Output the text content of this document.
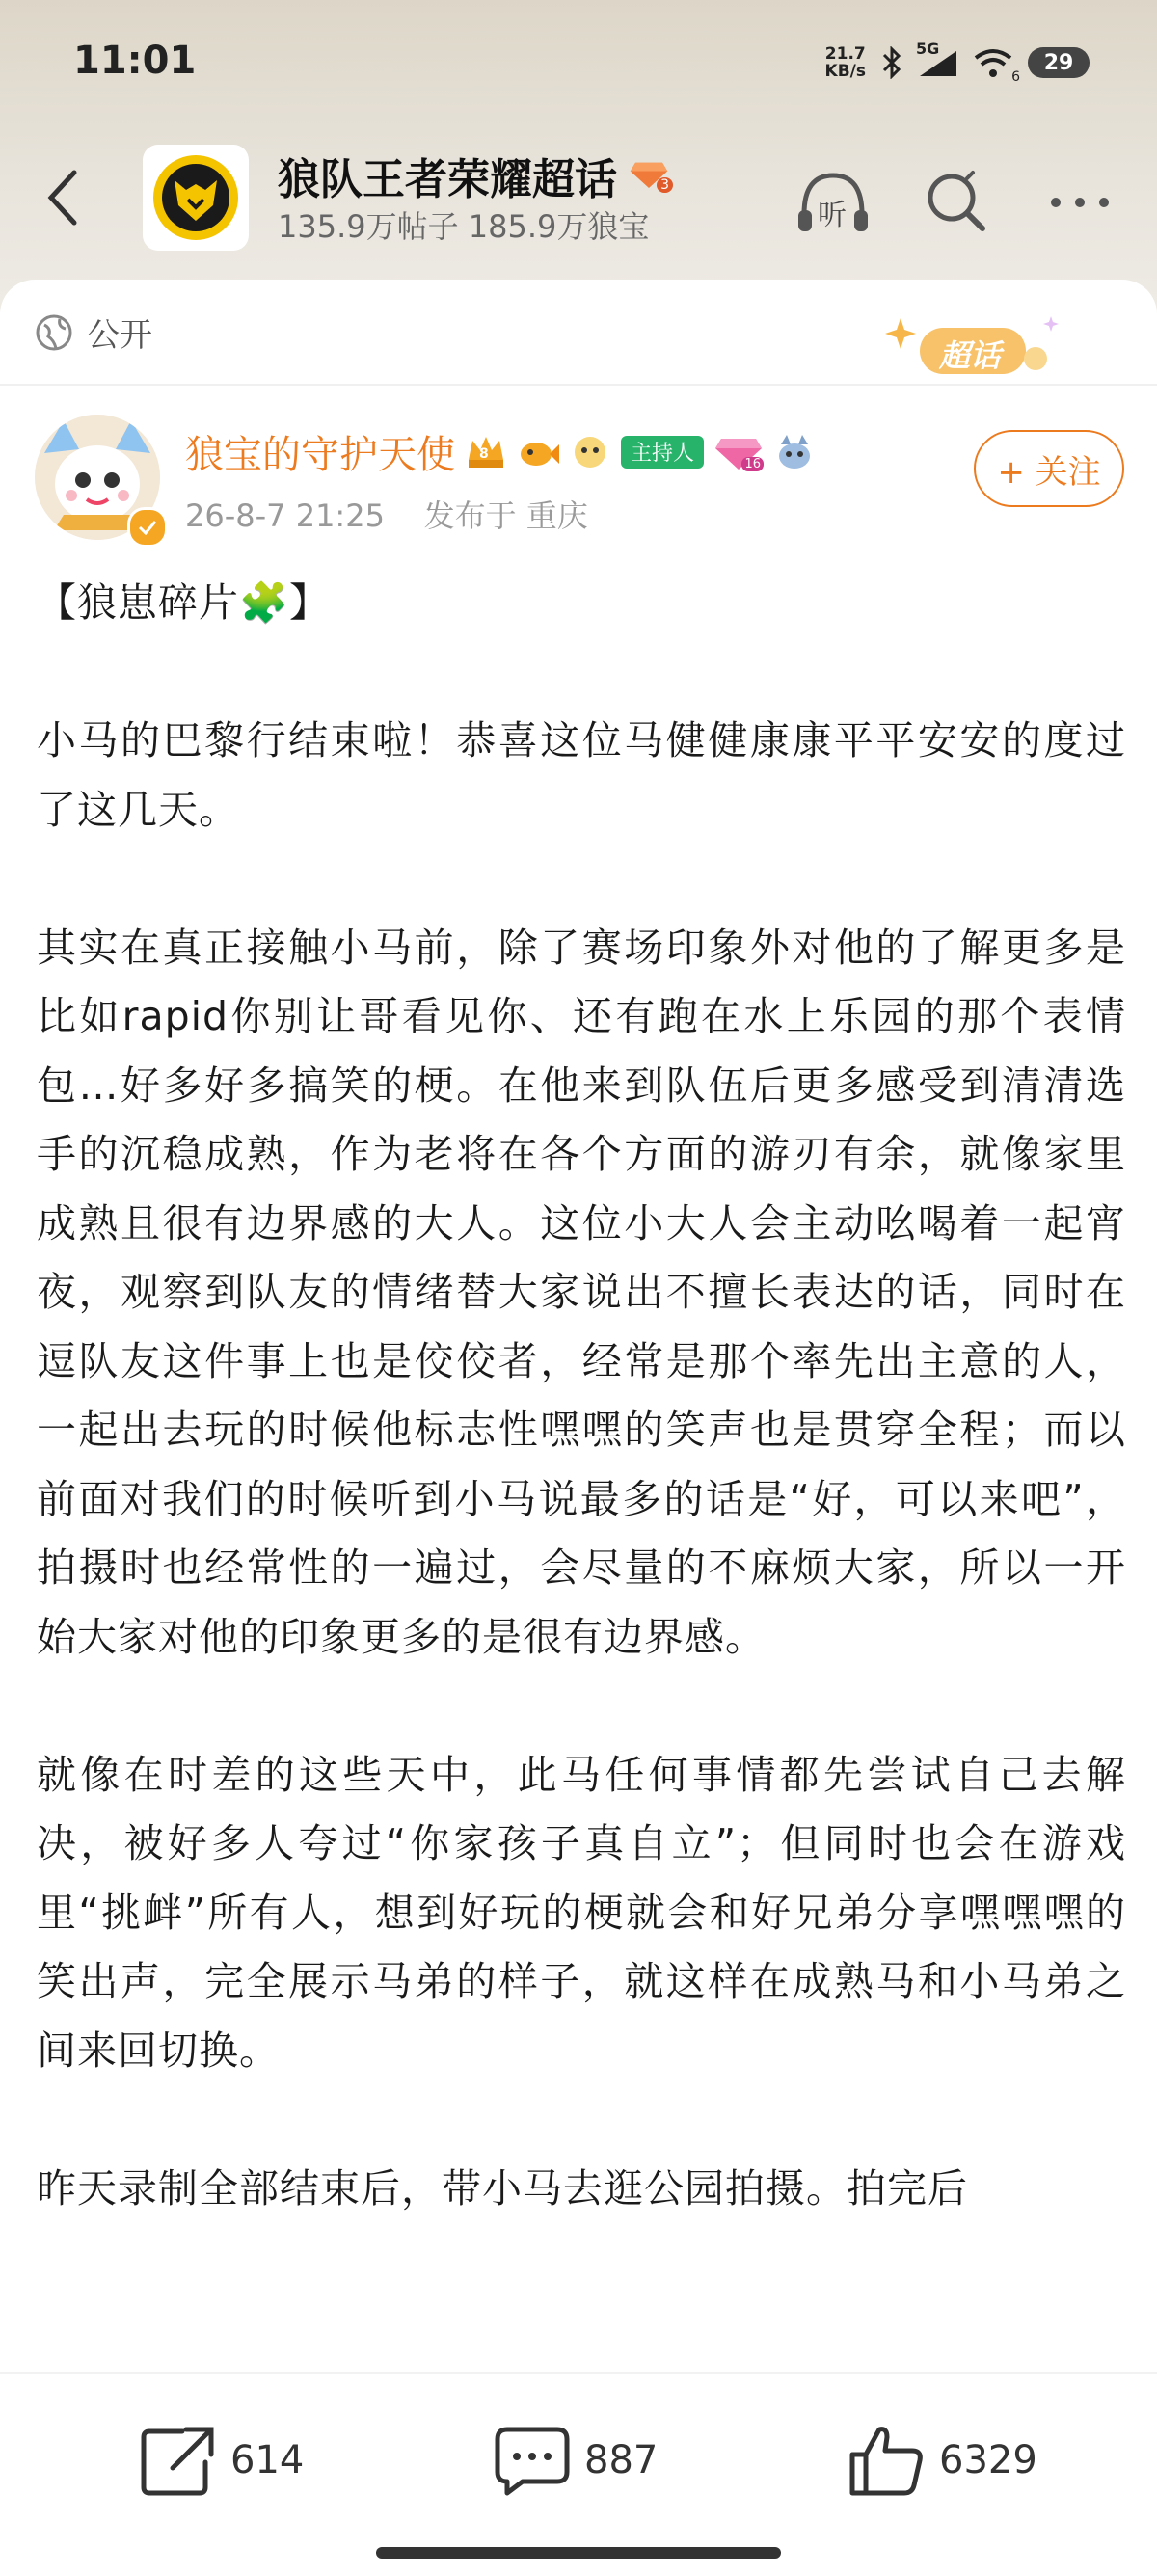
11:01	21.7
KB/s
5G
6
29
狼队王者荣耀超话	3
135.9万帖子 185.9万狼宝	听
公开
超话
狼宝的守护天使 8	主持人	16
26-8-7 21:25 发布于 重庆
+ 关注

【狼崽碎片🧩】

小马的巴黎行结束啦！恭喜这位马健健康康平平安安的度过了这几天。

其实在真正接触小马前，除了赛场印象外对他的了解更多是比如rapid你别让哥看见你、还有跑在水上乐园的那个表情包…好多好多搞笑的梗。在他来到队伍后更多感受到清清选手的沉稳成熟，作为老将在各个方面的游刃有余，就像家里成熟且很有边界感的大人。这位小大人会主动吆喝着一起宵夜，观察到队友的情绪替大家说出不擅长表达的话，同时在逗队友这件事上也是佼佼者，经常是那个率先出主意的人，一起出去玩的时候他标志性嘿嘿的笑声也是贯穿全程；而以前面对我们的时候听到小马说最多的话是“好，可以来吧”，拍摄时也经常性的一遍过，会尽量的不麻烦大家，所以一开始大家对他的印象更多的是很有边界感。

就像在时差的这些天中，此马任何事情都先尝试自己去解决，被好多人夸过“你家孩子真自立”；但同时也会在游戏里“挑衅”所有人，想到好玩的梗就会和好兄弟分享嘿嘿嘿的笑出声，完全展示马弟的样子，就这样在成熟马和小马弟之间来回切换。

昨天录制全部结束后，带小马去逛公园拍摄。拍完后

614	887	6329
